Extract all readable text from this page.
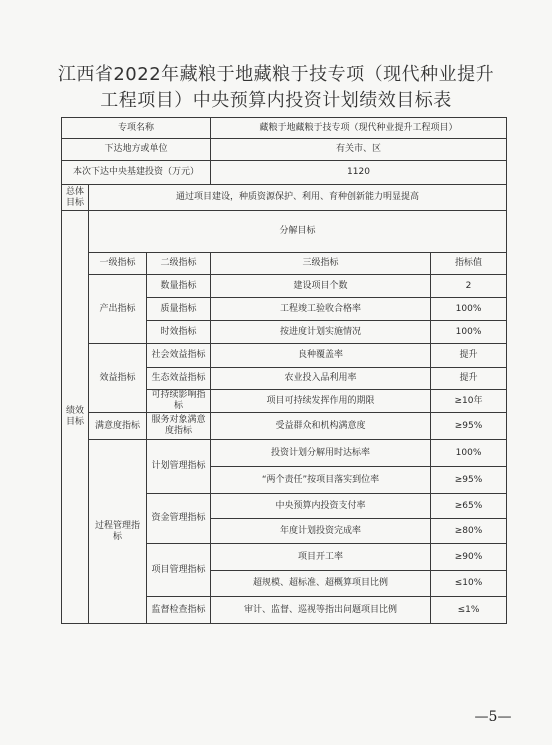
江西省2022年藏粮于地藏粮于技专项（现代种业提升
工程项目）中央预算内投资计划绩效目标表
专项名称			藏粮于地藏粮于技专项（现代种业提升工程项目）	
下达地方或单位			有关市、区	
本次下达中央基建投资（万元）			1120	
总体目标	通过项目建设，种质资源保护、利用、育种创新能力明显提高			
绩效目标	分解目标			
	一级指标	二级指标	三级指标	指标值
	产出指标	数量指标	建设项目个数	2
		质量指标	工程竣工验收合格率	100%
		时效指标	按进度计划实施情况	100%
	效益指标	社会效益指标	良种覆盖率	提升
		生态效益指标	农业投入品利用率	提升
		可持续影响指标	项目可持续发挥作用的期限	≥10年
	满意度指标	服务对象满意度指标	受益群众和机构满意度	≥95%
	过程管理指标	计划管理指标	投资计划分解用时达标率	100%
			“两个责任”按项目落实到位率	≥95%
		资金管理指标	中央预算内投资支付率	≥65%
			年度计划投资完成率	≥80%
		项目管理指标	项目开工率	≥90%
			超规模、超标准、超概算项目比例	≤10%
		监督检查指标	审计、监督、巡视等指出问题项目比例	≤1%
—5—
